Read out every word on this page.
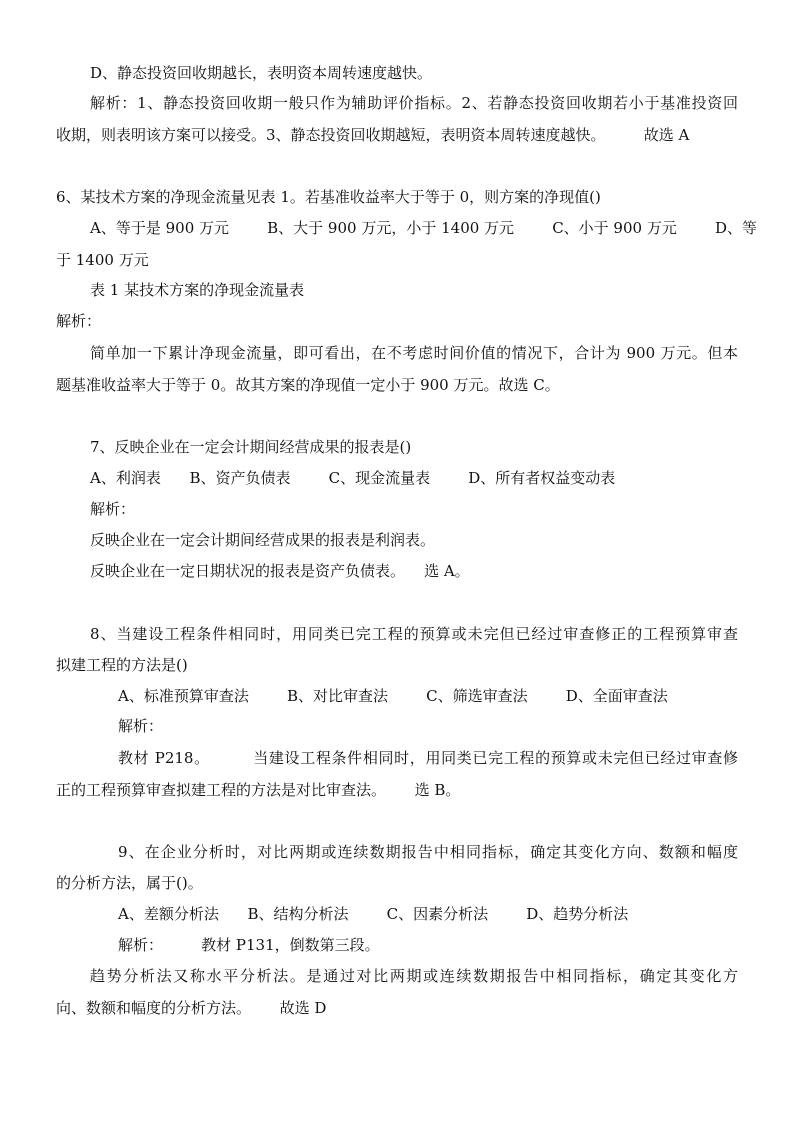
D、静态投资回收期越长，表明资本周转速度越快。
解析：1、静态投资回收期一般只作为辅助评价指标。2、若静态投资回收期若小于基准投资回
收期，则表明该方案可以接受。3、静态投资回收期越短，表明资本周转速度越快。        故选 A
6、某技术方案的净现金流量见表 1。若基准收益率大于等于 0，则方案的净现值()
A、等于是 900 万元        B、大于 900 万元，小于 1400 万元        C、小于 900 万元        D、等
于 1400 万元
表 1 某技术方案的净现金流量表
解析：
简单加一下累计净现金流量，即可看出，在不考虑时间价值的情况下，合计为 900 万元。但本
题基准收益率大于等于 0。故其方案的净现值一定小于 900 万元。故选 C。
7、反映企业在一定会计期间经营成果的报表是()
A、利润表      B、资产负债表        C、现金流量表        D、所有者权益变动表
解析：
反映企业在一定会计期间经营成果的报表是利润表。
反映企业在一定日期状况的报表是资产负债表。    选 A。
8、当建设工程条件相同时，用同类已完工程的预算或未完但已经过审查修正的工程预算审查
拟建工程的方法是()
A、标准预算审查法        B、对比审查法        C、筛选审查法        D、全面审查法
解析：
教材 P218。        当建设工程条件相同时，用同类已完工程的预算或未完但已经过审查修
正的工程预算审查拟建工程的方法是对比审查法。      选 B。
9、在企业分析时，对比两期或连续数期报告中相同指标，确定其变化方向、数额和幅度
的分析方法，属于()。
A、差额分析法      B、结构分析法        C、因素分析法        D、趋势分析法
解析：        教材 P131，倒数第三段。
趋势分析法又称水平分析法。是通过对比两期或连续数期报告中相同指标，确定其变化方
向、数额和幅度的分析方法。      故选 D
